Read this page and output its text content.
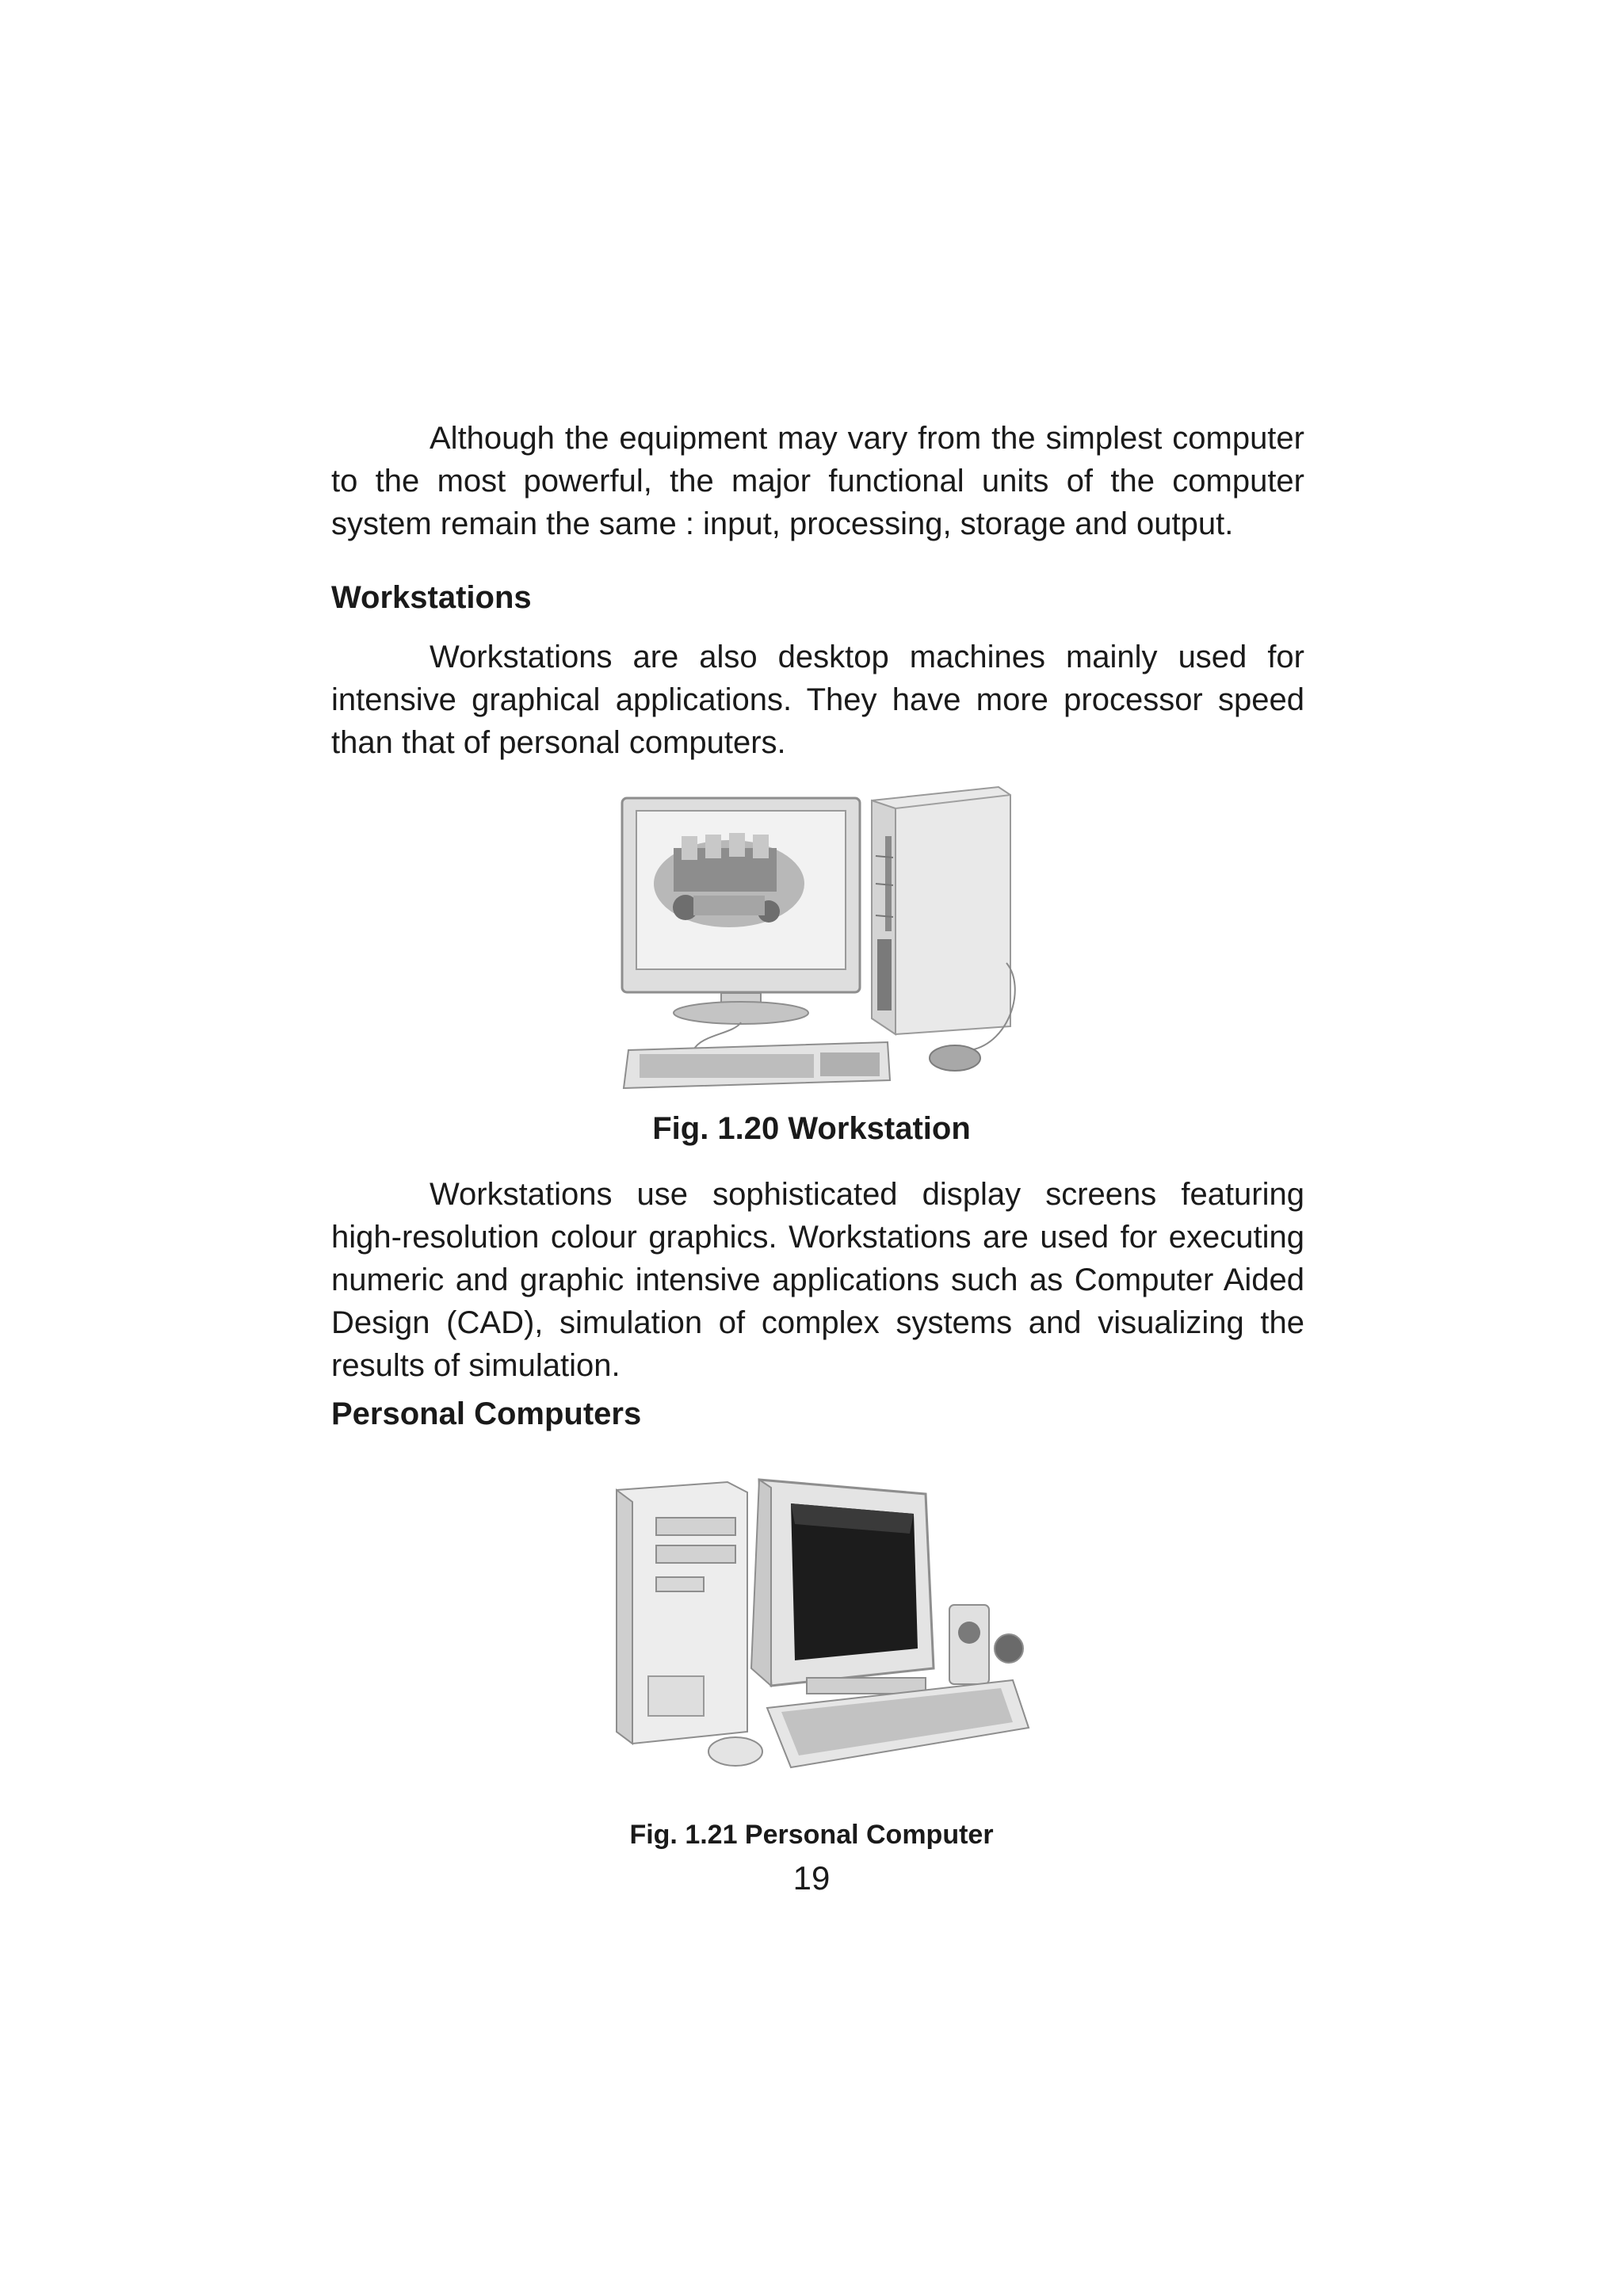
Although the equipment may vary from the simplest computer to the most powerful, the major functional units of the computer system remain the same : input, processing, storage and output.

Workstations

Workstations are also desktop machines mainly used for intensive graphical applications. They have more processor speed than that of personal computers.

Fig. 1.20 Workstation

Workstations use sophisticated display screens featuring high-resolution colour graphics. Workstations are used for executing numeric and graphic intensive applications such as Computer Aided Design (CAD), simulation of complex systems and visualizing the results of simulation.

Personal Computers

Fig. 1.21 Personal Computer

19
